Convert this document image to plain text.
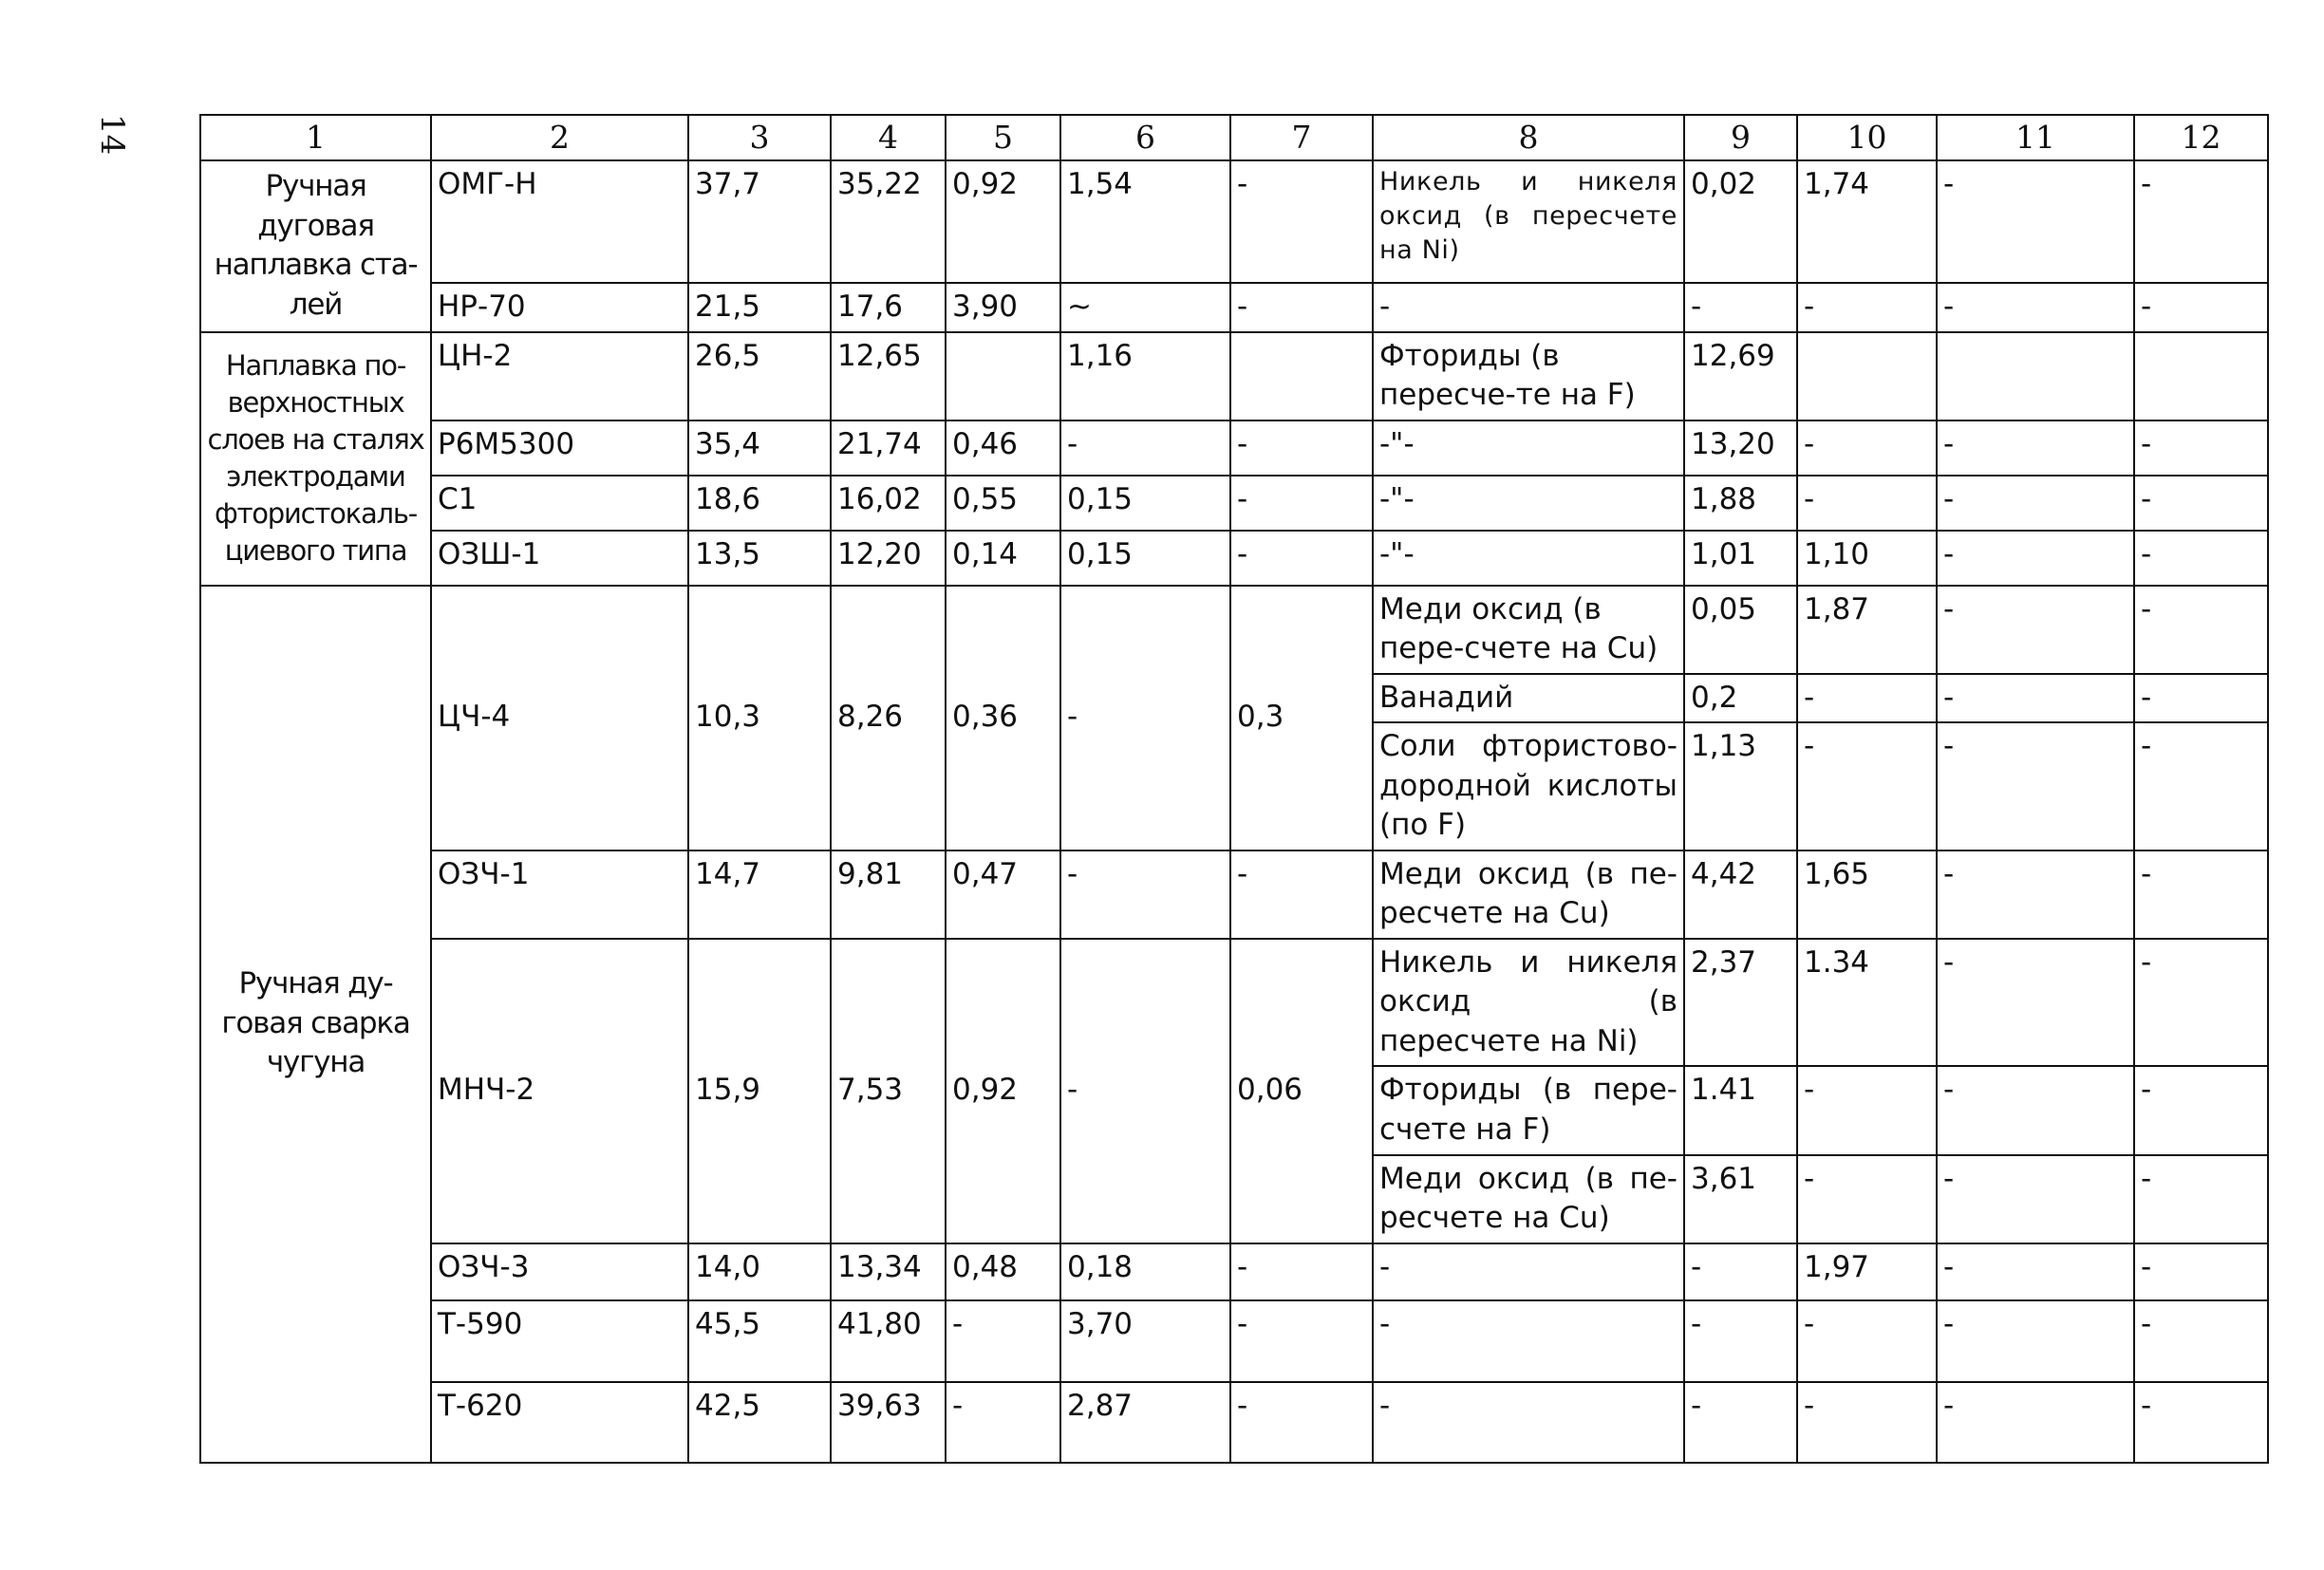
14	1	2	3	4	5	6	7	8	9	10	11	12
Ручная дуговая наплавка ста-лей	ОМГ-Н	37,7	35,22	0,92	1,54	-	Никель и никеля оксид (в пересчете на Ni)	0,02	1,74	-	-
	НР-70	21,5	17,6	3,90	~	-	-	-	-	-	-
Наплавка по-верхностных слоев на сталях электродами фтористокаль-циевого типа	ЦН-2	26,5	12,65		1,16		Фториды (в пересче-те на F)	12,69			
	Р6М5300	35,4	21,74	0,46	-	-	-"-	13,20	-	-	-
	С1	18,6	16,02	0,55	0,15	-	-"-	1,88	-	-	-
	ОЗШ-1	13,5	12,20	0,14	0,15	-	-"-	1,01	1,10	-	-
Ручная ду-говая сварка чугуна	ЦЧ-4	10,3	8,26	0,36	-	0,3	Меди оксид (в пере-счете на Cu)	0,05	1,87	-	-
							Ванадий	0,2	-	-	-
							Соли фтористово-дородной кислоты (по F)	1,13	-	-	-
	ОЗЧ-1	14,7	9,81	0,47	-	-	Меди оксид (в пе-ресчете на Cu)	4,42	1,65	-	-
	МНЧ-2	15,9	7,53	0,92	-	0,06	Никель и никеля оксид (в пересчете на Ni)	2,37	1.34	-	-
							Фториды (в пере-счете на F)	1.41	-	-	-
							Меди оксид (в пе-ресчете на Cu)	3,61	-	-	-
	ОЗЧ-3	14,0	13,34	0,48	0,18	-	-	-	1,97	-	-
	Т-590	45,5	41,80	-	3,70	-	-	-	-	-	-
	Т-620	42,5	39,63	-	2,87	-	-	-	-	-	-
